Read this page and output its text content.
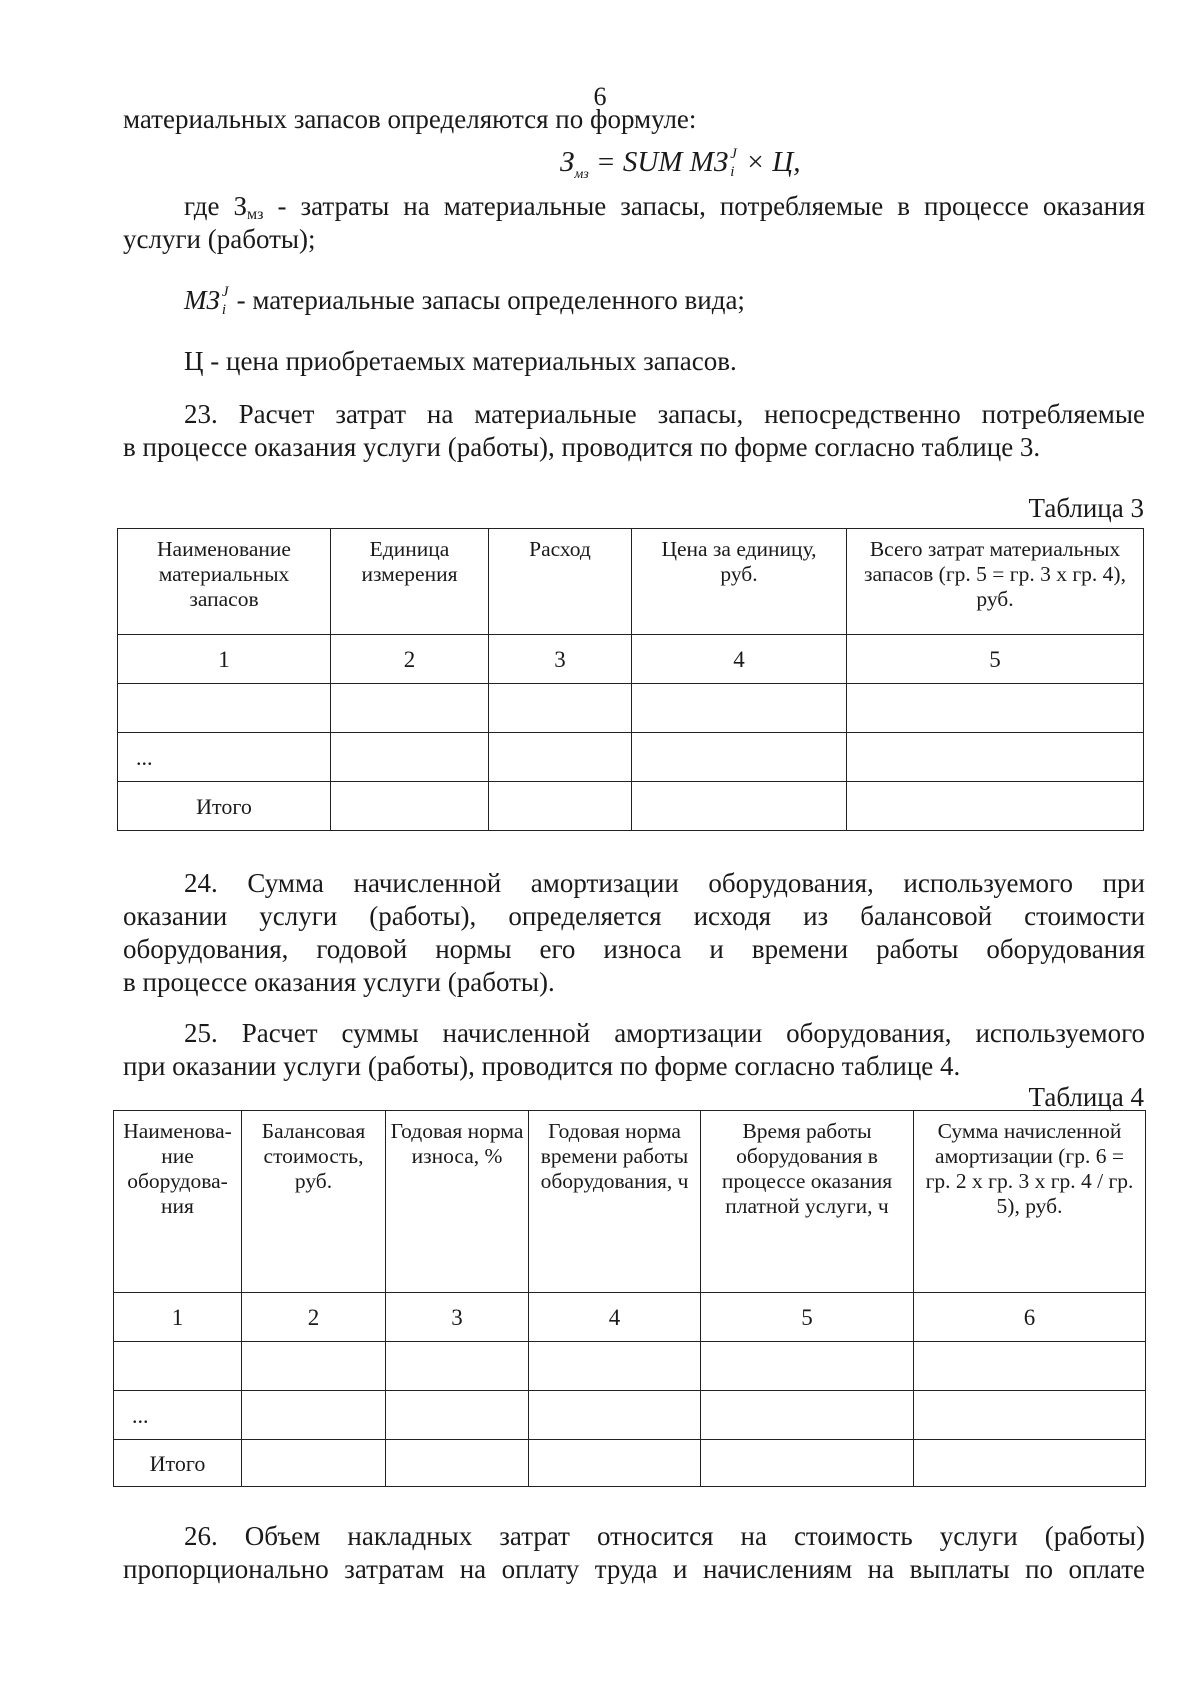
6
материальных запасов определяются по формуле:
$З_{мз}$ = SUM МЗ J
i × Ц,
где Змз - затраты на материальные запасы, потребляемые в процессе оказания
услуги (работы);
МЗ J
i - материальные запасы определенного вида;
Ц - цена приобретаемых материальных запасов.
23. Расчет затрат на материальные запасы, непосредственно потребляемые
в процессе оказания услуги (работы), проводится по форме согласно таблице 3.
Таблица 3
Наименование материальных запасов	Единица измерения	Расход	Цена за единицу, руб.	Всего затрат материальных запасов (гр. 5 = гр. 3 х гр. 4), руб.
1	2	3	4	5

...				
Итого				
24. Сумма начисленной амортизации оборудования, используемого при
оказании услуги (работы), определяется исходя из балансовой стоимости
оборудования, годовой нормы его износа и времени работы оборудования
в процессе оказания услуги (работы).
25. Расчет суммы начисленной амортизации оборудования, используемого
при оказании услуги (работы), проводится по форме согласно таблице 4.
Таблица 4
Наименова- ние оборудова- ния	Балансовая стоимость, руб.	Годовая норма износа, %	Годовая норма времени работы оборудования, ч	Время работы оборудования в процессе оказания платной услуги, ч	Сумма начисленной амортизации (гр. 6 = гр. 2 х гр. 3 х гр. 4 / гр. 5), руб.
1	2	3	4	5	6

...					
Итого					
26. Объем накладных затрат относится на стоимость услуги (работы)
пропорционально затратам на оплату труда и начислениям на выплаты по оплате
